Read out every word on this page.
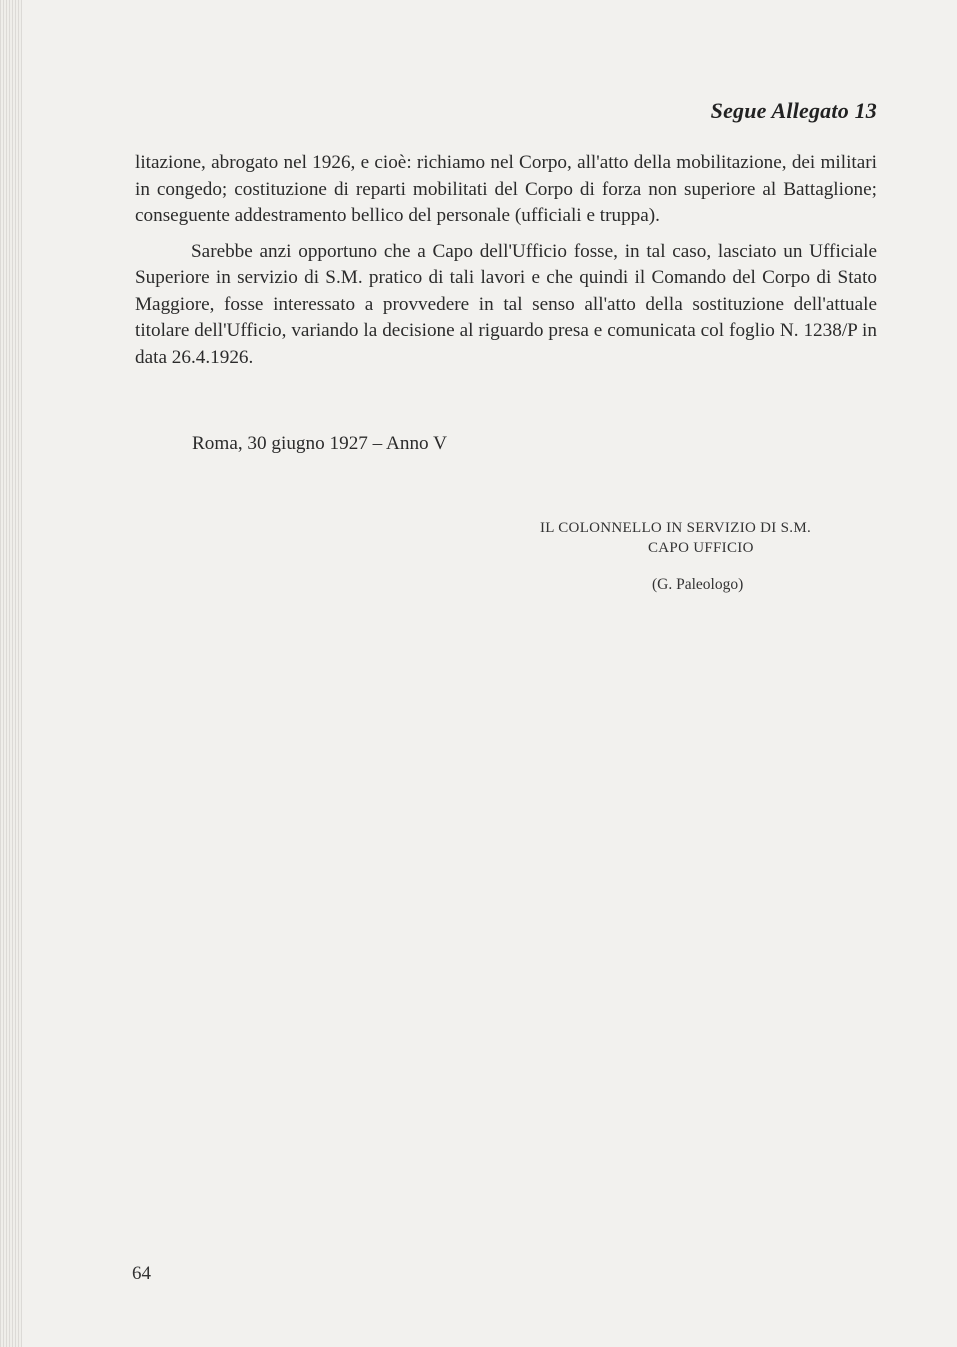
Segue Allegato 13

litazione, abrogato nel 1926, e cioè: richiamo nel Corpo, all'atto della mobilitazione, dei militari in congedo; costituzione di reparti mobilitati del Corpo di forza non superiore al Battaglione; conseguente addestramento bellico del personale (ufficiali e truppa).

Sarebbe anzi opportuno che a Capo dell'Ufficio fosse, in tal caso, lasciato un Ufficiale Superiore in servizio di S.M. pratico di tali lavori e che quindi il Comando del Corpo di Stato Maggiore, fosse interessato a provvedere in tal senso all'atto della sostituzione dell'attuale titolare dell'Ufficio, variando la decisione al riguardo presa e comunicata col foglio N. 1238/P in data 26.4.1926.

Roma, 30 giugno 1927 – Anno V
IL COLONNELLO IN SERVIZIO DI S.M.
CAPO UFFICIO
(G. Paleologo)
64
